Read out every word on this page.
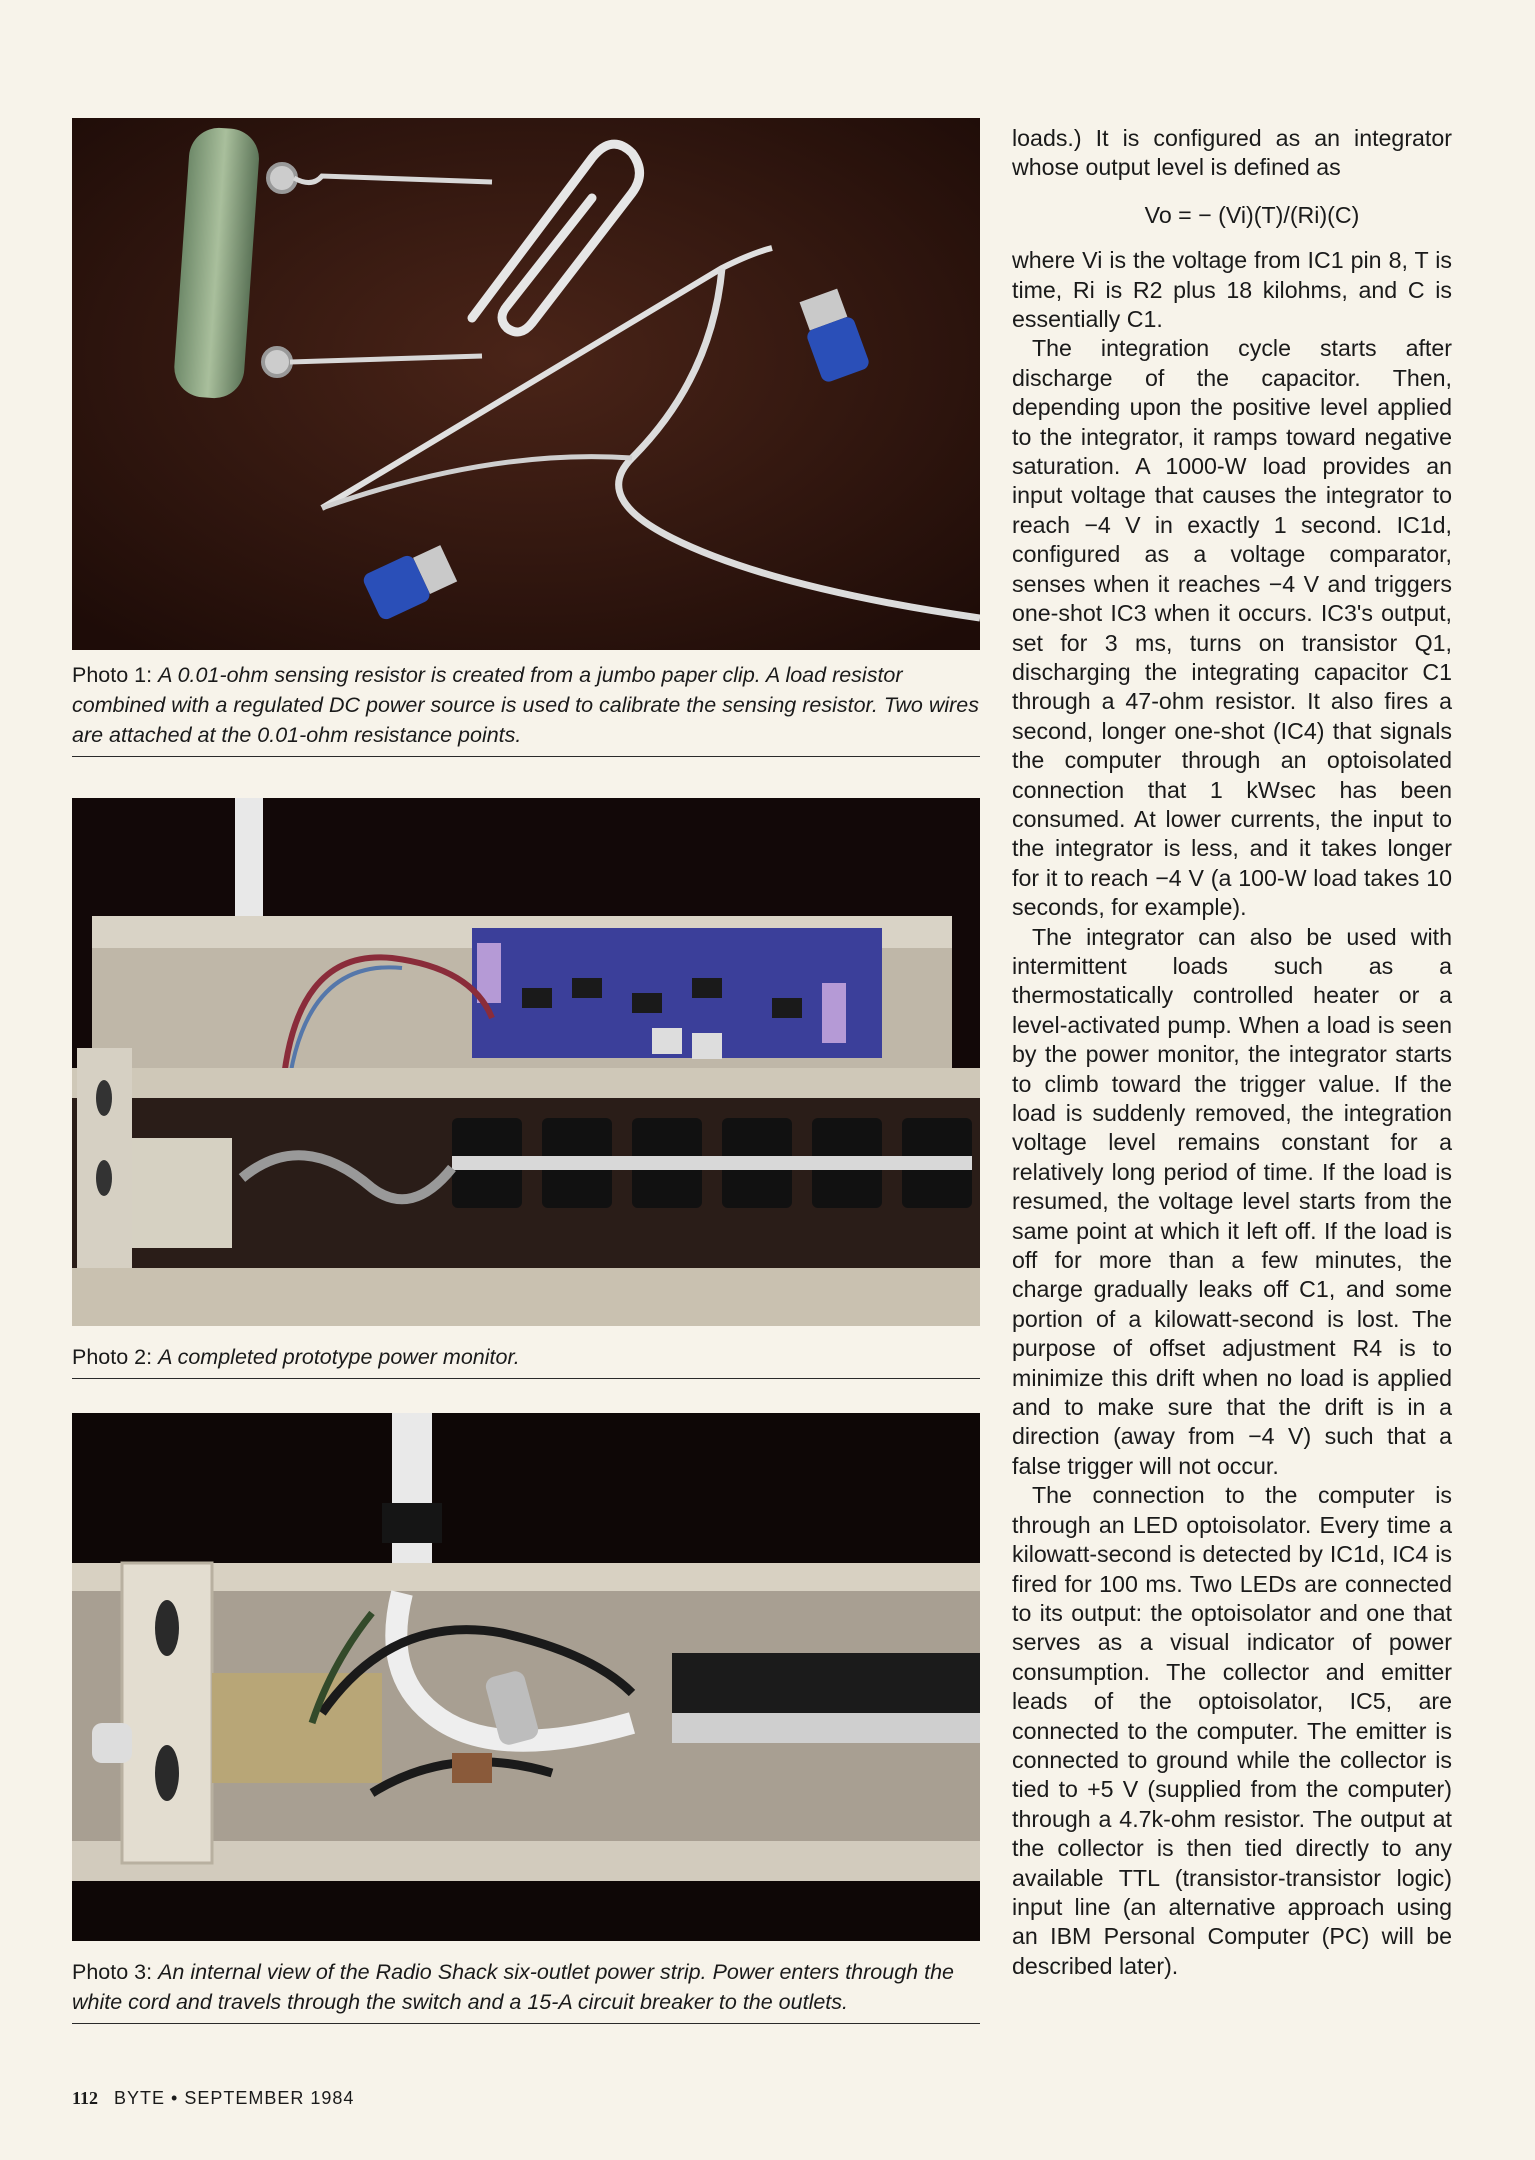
Photo 1: A 0.01-ohm sensing resistor is created from a jumbo paper clip. A load resistor combined with a regulated DC power source is used to calibrate the sensing resistor. Two wires are attached at the 0.01-ohm resistance points.
Photo 2: A completed prototype power monitor.
Photo 3: An internal view of the Radio Shack six-outlet power strip. Power enters through the white cord and travels through the switch and a 15-A circuit breaker to the outlets.
112 BYTE • SEPTEMBER 1984

loads.) It is configured as an integrator whose output level is defined as

Vo = − (Vi)(T)/(Ri)(C)

where Vi is the voltage from IC1 pin 8, T is time, Ri is R2 plus 18 kilohms, and C is essentially C1.

The integration cycle starts after discharge of the capacitor. Then, depending upon the positive level applied to the integrator, it ramps toward negative saturation. A 1000-W load provides an input voltage that causes the integrator to reach −4 V in exactly 1 second. IC1d, configured as a voltage comparator, senses when it reaches −4 V and triggers one-shot IC3 when it occurs. IC3's output, set for 3 ms, turns on transistor Q1, discharging the integrating capacitor C1 through a 47-ohm resistor. It also fires a second, longer one-shot (IC4) that signals the computer through an optoisolated connection that 1 kWsec has been consumed. At lower currents, the input to the integrator is less, and it takes longer for it to reach −4 V (a 100-W load takes 10 seconds, for example).

The integrator can also be used with intermittent loads such as a thermostatically controlled heater or a level-activated pump. When a load is seen by the power monitor, the integrator starts to climb toward the trigger value. If the load is suddenly removed, the integration voltage level remains constant for a relatively long period of time. If the load is resumed, the voltage level starts from the same point at which it left off. If the load is off for more than a few minutes, the charge gradually leaks off C1, and some portion of a kilowatt-second is lost. The purpose of offset adjustment R4 is to minimize this drift when no load is applied and to make sure that the drift is in a direction (away from −4 V) such that a false trigger will not occur.

The connection to the computer is through an LED optoisolator. Every time a kilowatt-second is detected by IC1d, IC4 is fired for 100 ms. Two LEDs are connected to its output: the optoisolator and one that serves as a visual indicator of power consumption. The collector and emitter leads of the optoisolator, IC5, are connected to the computer. The emitter is connected to ground while the collector is tied to +5 V (supplied from the computer) through a 4.7k-ohm resistor. The output at the collector is then tied directly to any available TTL (transistor-transistor logic) input line (an alternative approach using an IBM Personal Computer (PC) will be described later).
